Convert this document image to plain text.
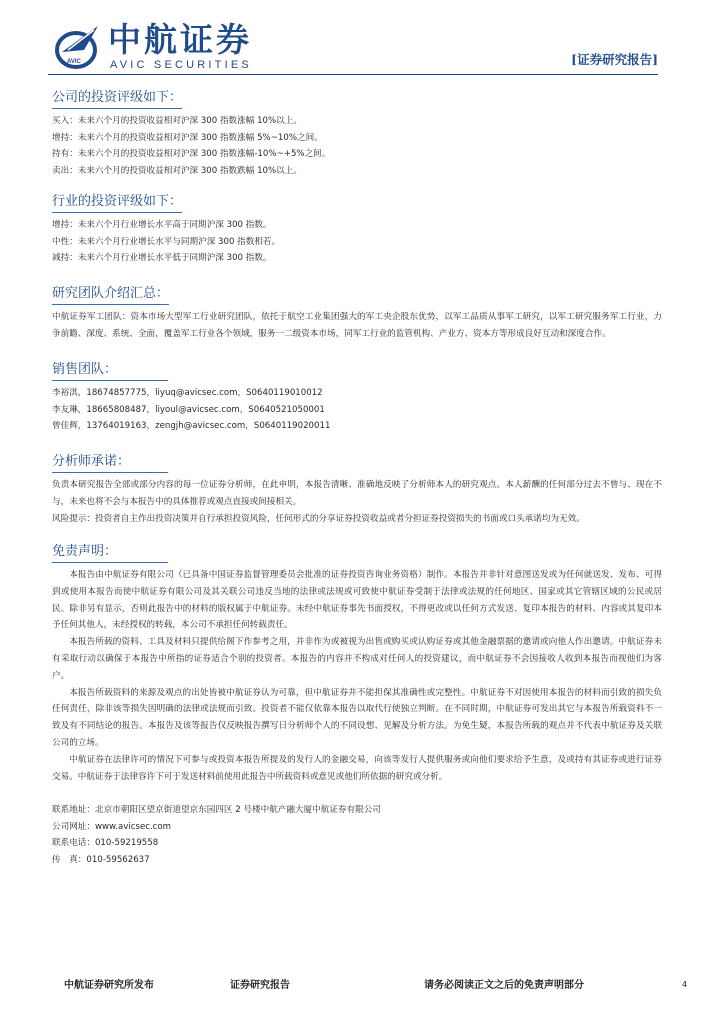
AVIC
中航证券
AVIC SECURITIES	[证券研究报告]
公司的投资评级如下：
买入：未来六个月的投资收益相对沪深 300 指数涨幅 10%以上。
增持：未来六个月的投资收益相对沪深 300 指数涨幅 5%~10%之间。
持有：未来六个月的投资收益相对沪深 300 指数涨幅-10%~+5%之间。
卖出：未来六个月的投资收益相对沪深 300 指数跌幅 10%以上。
行业的投资评级如下：
增持：未来六个月行业增长水平高于同期沪深 300 指数。
中性：未来六个月行业增长水平与同期沪深 300 指数相若。
减持：未来六个月行业增长水平低于同期沪深 300 指数。
研究团队介绍汇总：
中航证券军工团队：资本市场大型军工行业研究团队，依托于航空工业集团强大的军工央企股东优势，以军工品质从事军工研究，以军工研究服务军工行业，力争前瞻、深度、系统、全面，覆盖军工行业各个领域，服务一二级资本市场，同军工行业的监管机构、产业方、资本方等形成良好互动和深度合作。
销售团队：
李裕淇，18674857775，liyuq@avicsec.com，S0640119010012
李友琳，18665808487，liyoul@avicsec.com，S0640521050001
曾佳辉，13764019163，zengjh@avicsec.com，S0640119020011
分析师承诺：
负责本研究报告全部或部分内容的每一位证券分析师，在此申明，本报告清晰、准确地反映了分析师本人的研究观点。本人薪酬的任何部分过去不曾与、现在不与，未来也将不会与本报告中的具体推荐或观点直接或间接相关。
风险提示：投资者自主作出投资决策并自行承担投资风险，任何形式的分享证券投资收益或者分担证券投资损失的书面或口头承诺均为无效。
免责声明：
本报告由中航证券有限公司（已具备中国证券监督管理委员会批准的证券投资咨询业务资格）制作。本报告并非针对意图送发或为任何就送发、发布、可得到或使用本报告而使中航证券有限公司及其关联公司违反当地的法律或法规或可致使中航证券受制于法律或法规的任何地区、国家或其它管辖区域的公民或居民。除非另有显示，否则此报告中的材料的版权属于中航证券。未经中航证券事先书面授权，不得更改或以任何方式发送、复印本报告的材料、内容或其复印本予任何其他人，未经授权的转载，本公司不承担任何转载责任。
本报告所载的资料、工具及材料只提供给阁下作参考之用，并非作为或被视为出售或购买或认购证券或其他金融票据的邀请或向他人作出邀请。中航证券未有采取行动以确保于本报告中所指的证券适合个别的投资者。本报告的内容并不构成对任何人的投资建议，而中航证券不会因接收人收到本报告而视他们为客户。
本报告所载资料的来源及观点的出处皆被中航证券认为可靠，但中航证券并不能担保其准确性或完整性。中航证券不对因使用本报告的材料而引致的损失负任何责任，除非该等损失因明确的法律或法规而引致。投资者不能仅依靠本报告以取代行使独立判断。在不同时期，中航证券可发出其它与本报告所载资料不一致及有不同结论的报告。本报告及该等报告仅反映报告撰写日分析师个人的不同设想、见解及分析方法。为免生疑，本报告所载的观点并不代表中航证券及关联公司的立场。
中航证券在法律许可的情况下可参与或投资本报告所提及的发行人的金融交易，向该等发行人提供服务或向他们要求给予生意，及或持有其证券或进行证券交易。中航证券于法律容许下可于发送材料前使用此报告中所载资料或意见或他们所依据的研究或分析。
联系地址：北京市朝阳区望京街道望京东园四区 2 号楼中航产融大厦中航证券有限公司
公司网址：www.avicsec.com
联系电话：010-59219558
传　真：010-59562637
中航证券研究所发布	证券研究报告	请务必阅读正文之后的免责声明部分	4
